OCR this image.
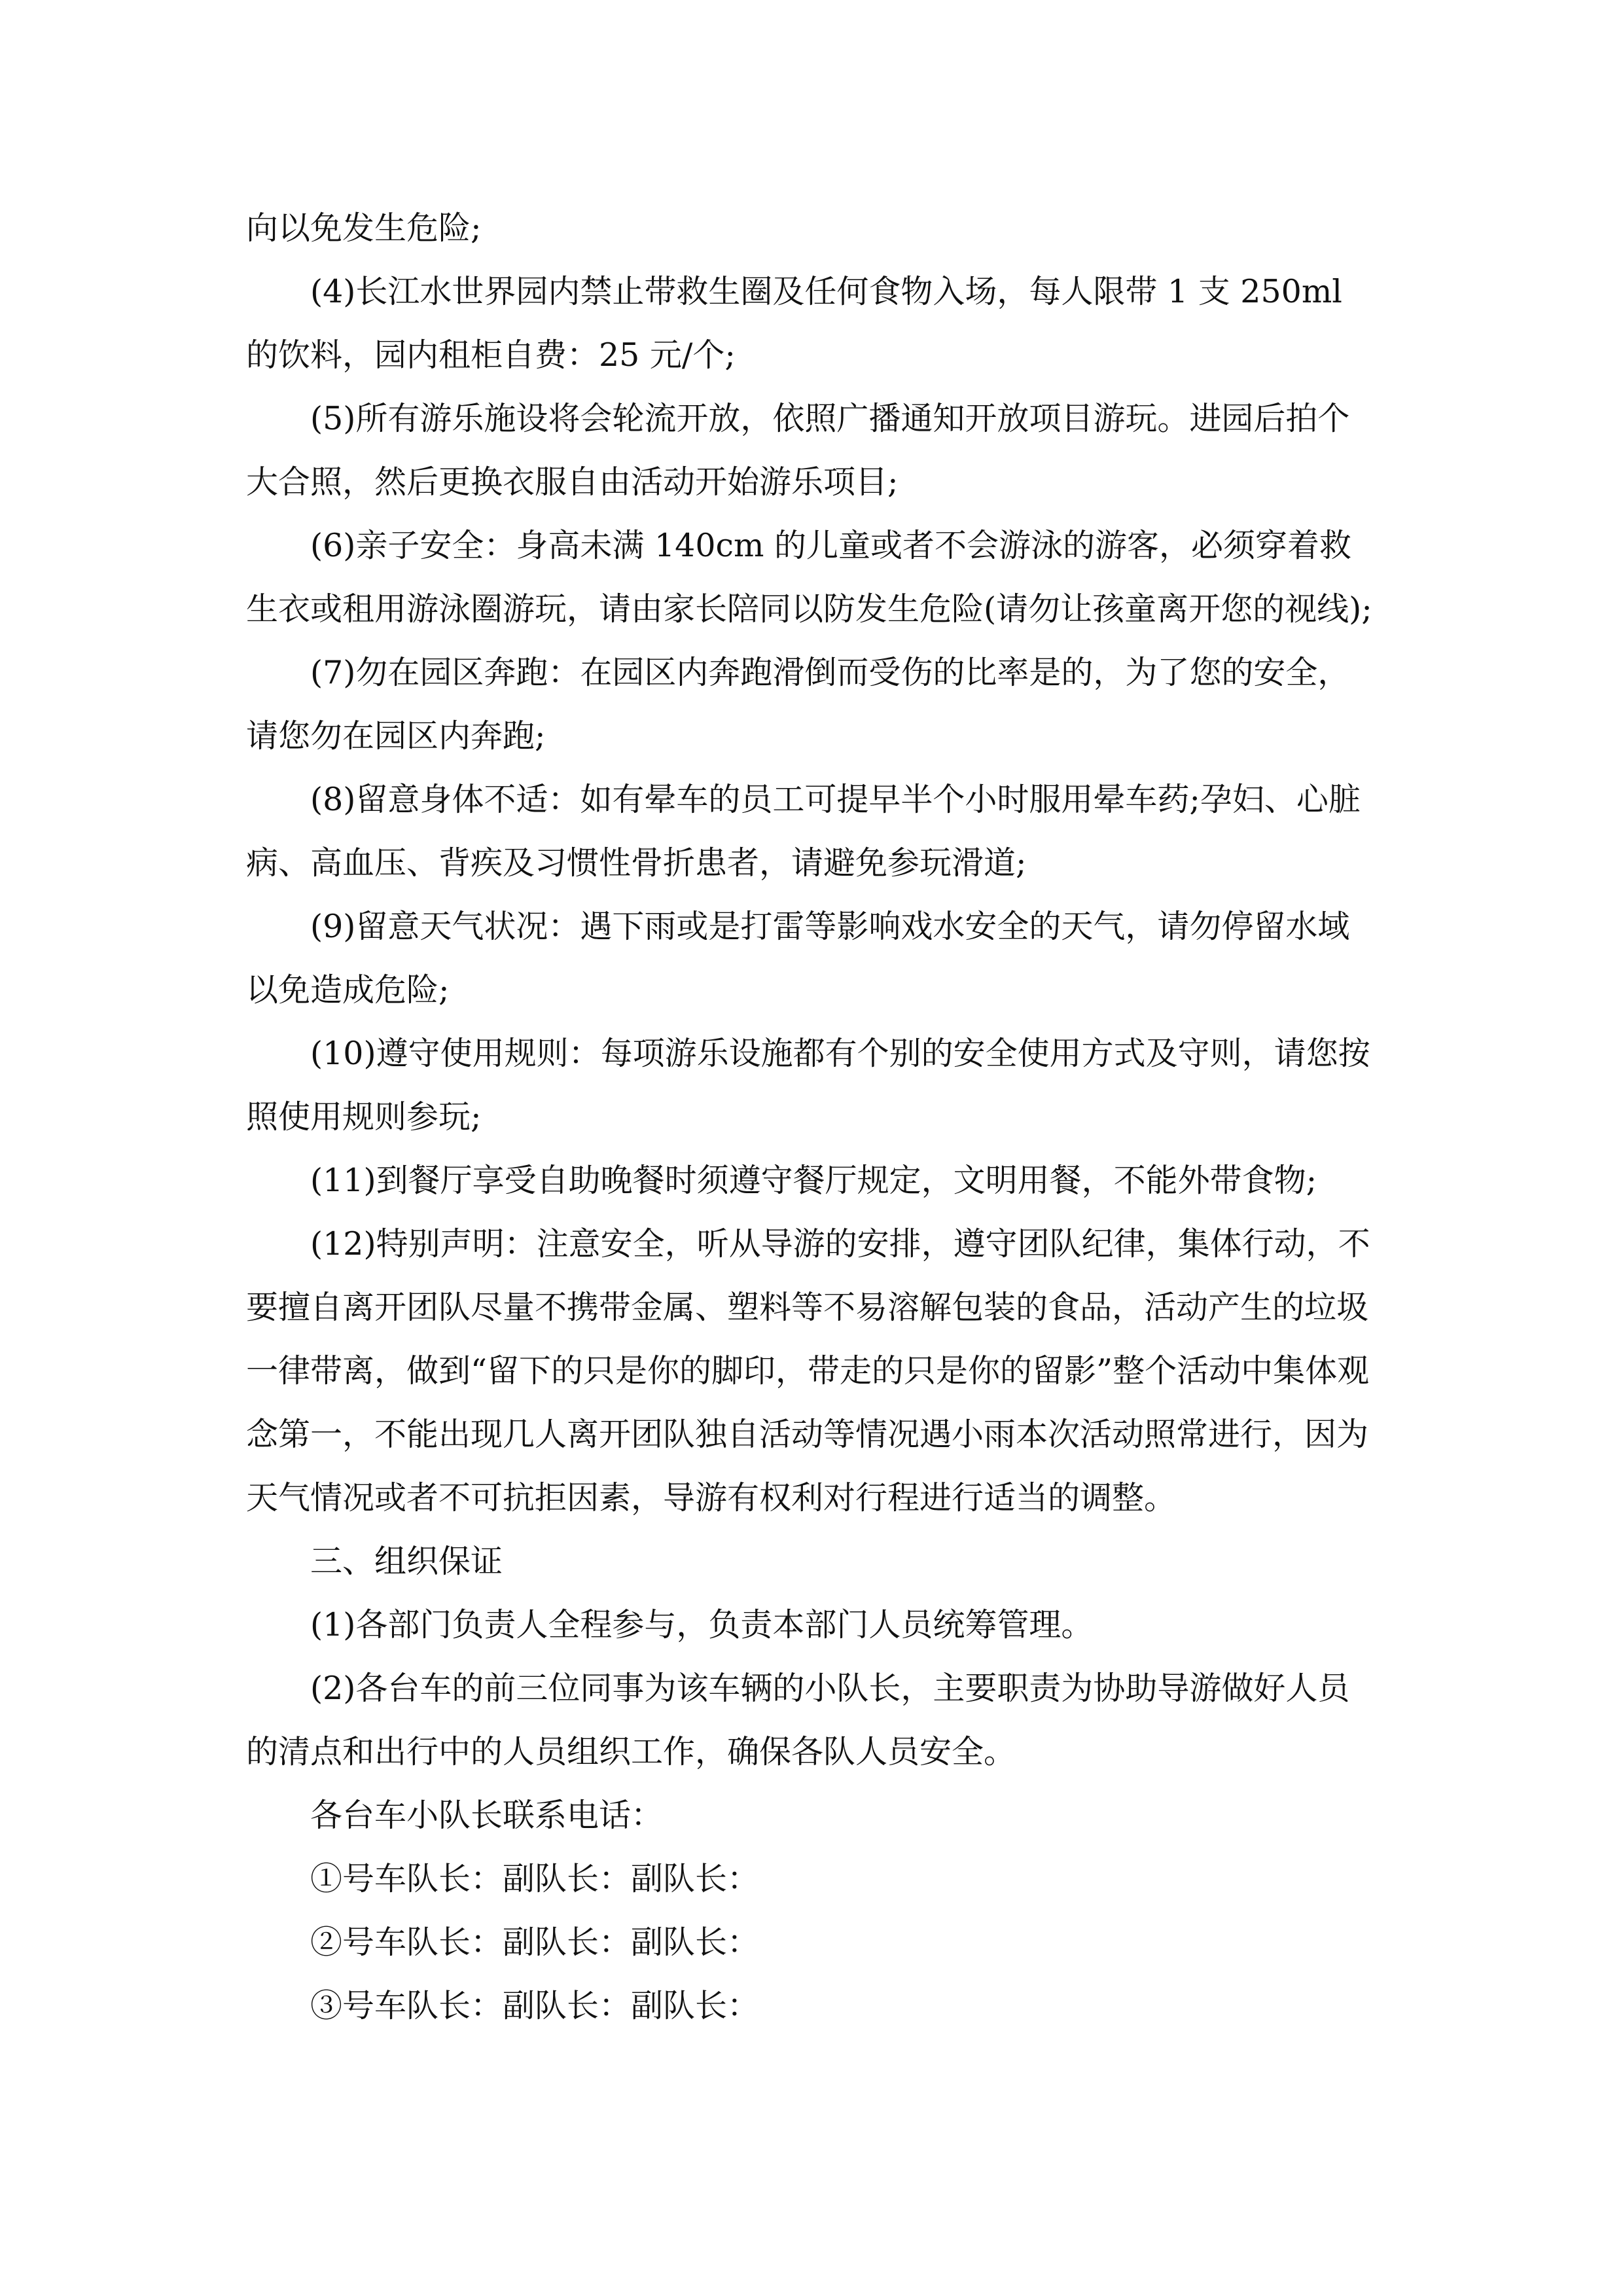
向以免发生危险;

(4)长江水世界园内禁止带救生圈及任何食物入场，每人限带 1 支 250ml 的饮料，园内租柜自费：25 元/个;

(5)所有游乐施设将会轮流开放，依照广播通知开放项目游玩。进园后拍个大合照，然后更换衣服自由活动开始游乐项目;

(6)亲子安全：身高未满 140cm 的儿童或者不会游泳的游客，必须穿着救生衣或租用游泳圈游玩，请由家长陪同以防发生危险(请勿让孩童离开您的视线);

(7)勿在园区奔跑：在园区内奔跑滑倒而受伤的比率是的，为了您的安全，请您勿在园区内奔跑;

(8)留意身体不适：如有晕车的员工可提早半个小时服用晕车药;孕妇、心脏病、高血压、背疾及习惯性骨折患者，请避免参玩滑道;

(9)留意天气状况：遇下雨或是打雷等影响戏水安全的天气，请勿停留水域以免造成危险;

(10)遵守使用规则：每项游乐设施都有个别的安全使用方式及守则，请您按照使用规则参玩;

(11)到餐厅享受自助晚餐时须遵守餐厅规定，文明用餐，不能外带食物;

(12)特别声明：注意安全，听从导游的安排，遵守团队纪律，集体行动，不要擅自离开团队尽量不携带金属、塑料等不易溶解包装的食品，活动产生的垃圾一律带离，做到“留下的只是你的脚印，带走的只是你的留影”整个活动中集体观念第一，不能出现几人离开团队独自活动等情况遇小雨本次活动照常进行，因为天气情况或者不可抗拒因素，导游有权利对行程进行适当的调整。

三、组织保证

(1)各部门负责人全程参与，负责本部门人员统筹管理。

(2)各台车的前三位同事为该车辆的小队长，主要职责为协助导游做好人员的清点和出行中的人员组织工作，确保各队人员安全。

各台车小队长联系电话：

①号车队长：副队长：副队长：

②号车队长：副队长：副队长：

③号车队长：副队长：副队长：
